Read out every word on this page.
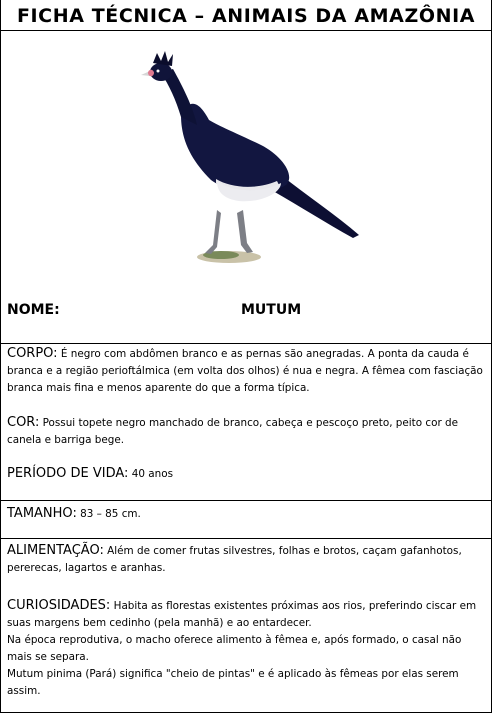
FICHA TÉCNICA – ANIMAIS DA AMAZÔNIA
NOME:	MUTUM

CORPO: É negro com abdômen branco e as pernas são anegradas. A ponta da cauda é branca e a região perioftálmica (em volta dos olhos) é nua e negra. A fêmea com fasciação branca mais fina e menos aparente do que a forma típica.

COR: Possui topete negro manchado de branco, cabeça e pescoço preto, peito cor de canela e barriga bege.

PERÍODO DE VIDA: 40 anos

TAMANHO: 83 – 85 cm.

ALIMENTAÇÃO: Além de comer frutas silvestres, folhas e brotos, caçam gafanhotos, pererecas, lagartos e aranhas.

CURIOSIDADES: Habita as florestas existentes próximas aos rios, preferindo ciscar em suas margens bem cedinho (pela manhã) e ao entardecer.

Na época reprodutiva, o macho oferece alimento à fêmea e, após formado, o casal não mais se separa.

Mutum pinima (Pará) significa "cheio de pintas" e é aplicado às fêmeas por elas serem assim.
